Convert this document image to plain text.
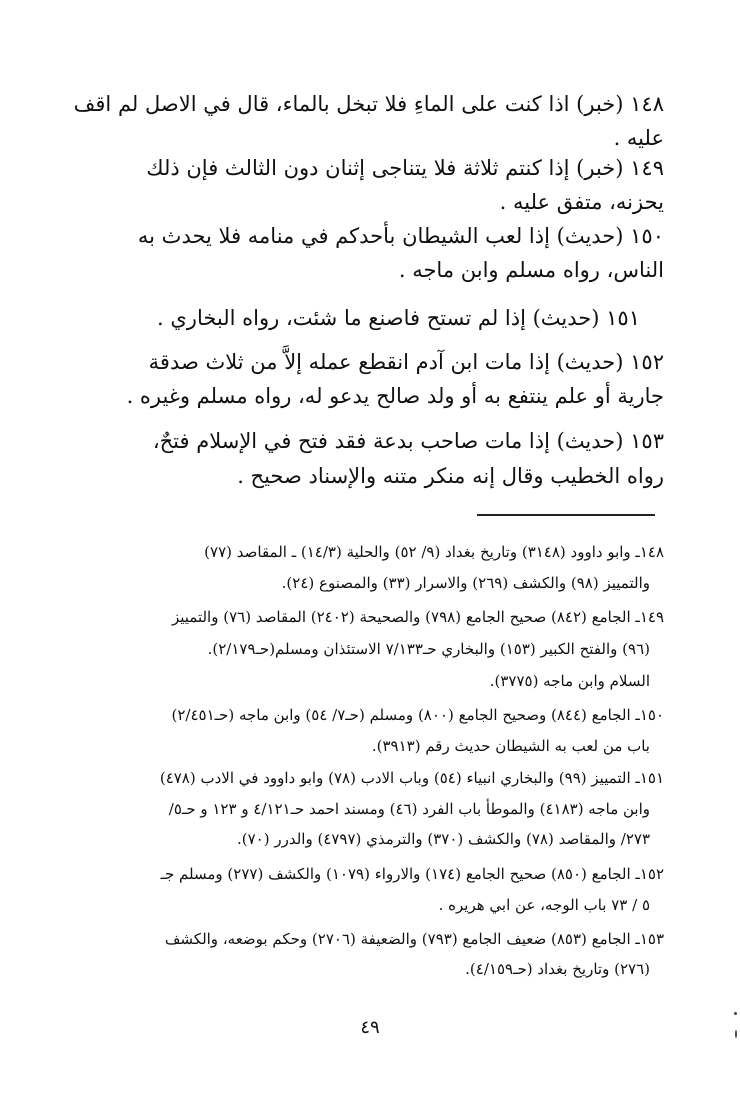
١٤٨ (خبر) اذا كنت على الماءِ فلا تبخل بالماء، قال في الاصل لم اقف
عليه .
١٤٩ (خبر) إذا كنتم ثلاثة فلا يتناجى إثنان دون الثالث فإن ذلك
يحزنه، متفق عليه .
١٥٠ (حديث) إذا لعب الشيطان بأحدكم في منامه فلا يحدث به
الناس، رواه مسلم وابن ماجه .
١٥١ (حديث) إذا لم تستح فاصنع ما شئت، رواه البخاري .
١٥٢ (حديث) إذا مات ابن آدم انقطع عمله إلاَّ من ثلاث صدقة
جارية أو علم ينتفع به أو ولد صالح يدعو له، رواه مسلم وغيره .
١٥٣ (حديث) إذا مات صاحب بدعة فقد فتح في الإسلام فتحٌ،
رواه الخطيب وقال إنه منكر متنه والإسناد صحيح .
١٤٨ـ وابو داوود (٣١٤٨) وتاريخ بغداد (٩/ ٥٢) والحلية (١٤/٣) ـ المقاصد (٧٧)
والتمييز (٩٨) والكشف (٢٦٩) والاسرار (٣٣) والمصنوع (٢٤).
١٤٩ـ الجامع (٨٤٢) صحيح الجامع (٧٩٨) والصحيحة (٢٤٠٢) المقاصد (٧٦) والتمييز
(٩٦) والفتح الكبير (١٥٣) والبخاري حـ٧/١٣٣ الاستئذان ومسلم(حـ٢/١٧٩).
السلام وابن ماجه (٣٧٧٥).
١٥٠ـ الجامع (٨٤٤) وصحيح الجامع (٨٠٠) ومسلم (حـ٧/ ٥٤) وابن ماجه (حـ٢/٤٥١)
باب من لعب به الشيطان حديث رقم (٣٩١٣).
١٥١ـ التمييز (٩٩) والبخاري انبياء (٥٤) وباب الادب (٧٨) وابو داوود في الادب (٤٧٨)
وابن ماجه (٤١٨٣) والموطأ باب الفرد (٤٦) ومسند احمد حـ٤/١٢١ و ١٢٣ و حـ٥/
٢٧٣/ والمقاصد (٧٨) والكشف (٣٧٠) والترمذي (٤٧٩٧) والدرر (٧٠).
١٥٢ـ الجامع (٨٥٠) صحيح الجامع (١٧٤) والارواء (١٠٧٩) والكشف (٢٧٧) ومسلم جـ
٥ / ٧٣ باب الوجه، عن ابي هريره .
١٥٣ـ الجامع (٨٥٣) ضعيف الجامع (٧٩٣) والضعيفة (٢٧٠٦) وحكم بوضعه، والكشف
(٢٧٦) وتاريخ بغداد (حـ٤/١٥٩).
٤٩
